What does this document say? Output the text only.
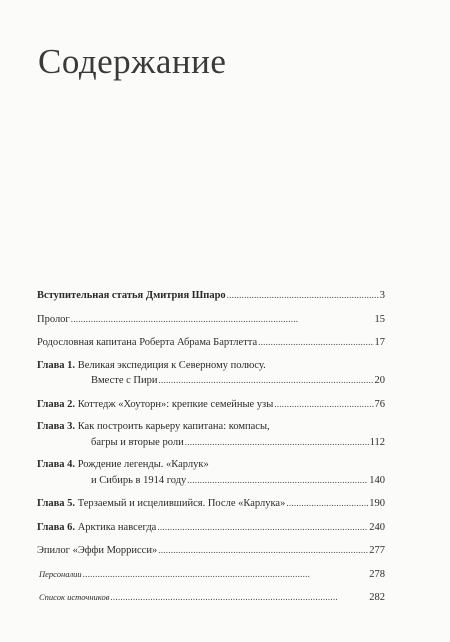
Содержание
Вступительная статья Дмитрия Шпаро . . .	3
Пролог . . .	15
Родословная капитана Роберта Абрама Бартлетта . . .	17
Глава 1.
Великая экспедиция к Северному полюсу.
Вместе с Пири . . .	20
Глава 2.
Коттедж «Хоуторн»: крепкие семейные узы . . .	76
Глава 3.
Как построить карьеру капитана: компасы,
багры и вторые роли . . .	112
Глава 4.
Рождение легенды. «Карлук»
и Сибирь в 1914 году . . .	140
Глава 5.
Терзаемый и исцелившийся. После «Карлука» . . .	190
Глава 6.
Арктика навсегда . . .	240
Эпилог «Эффи Моррисси» . . .	277
Персоналии . . .	278
Список источников . . .	282
